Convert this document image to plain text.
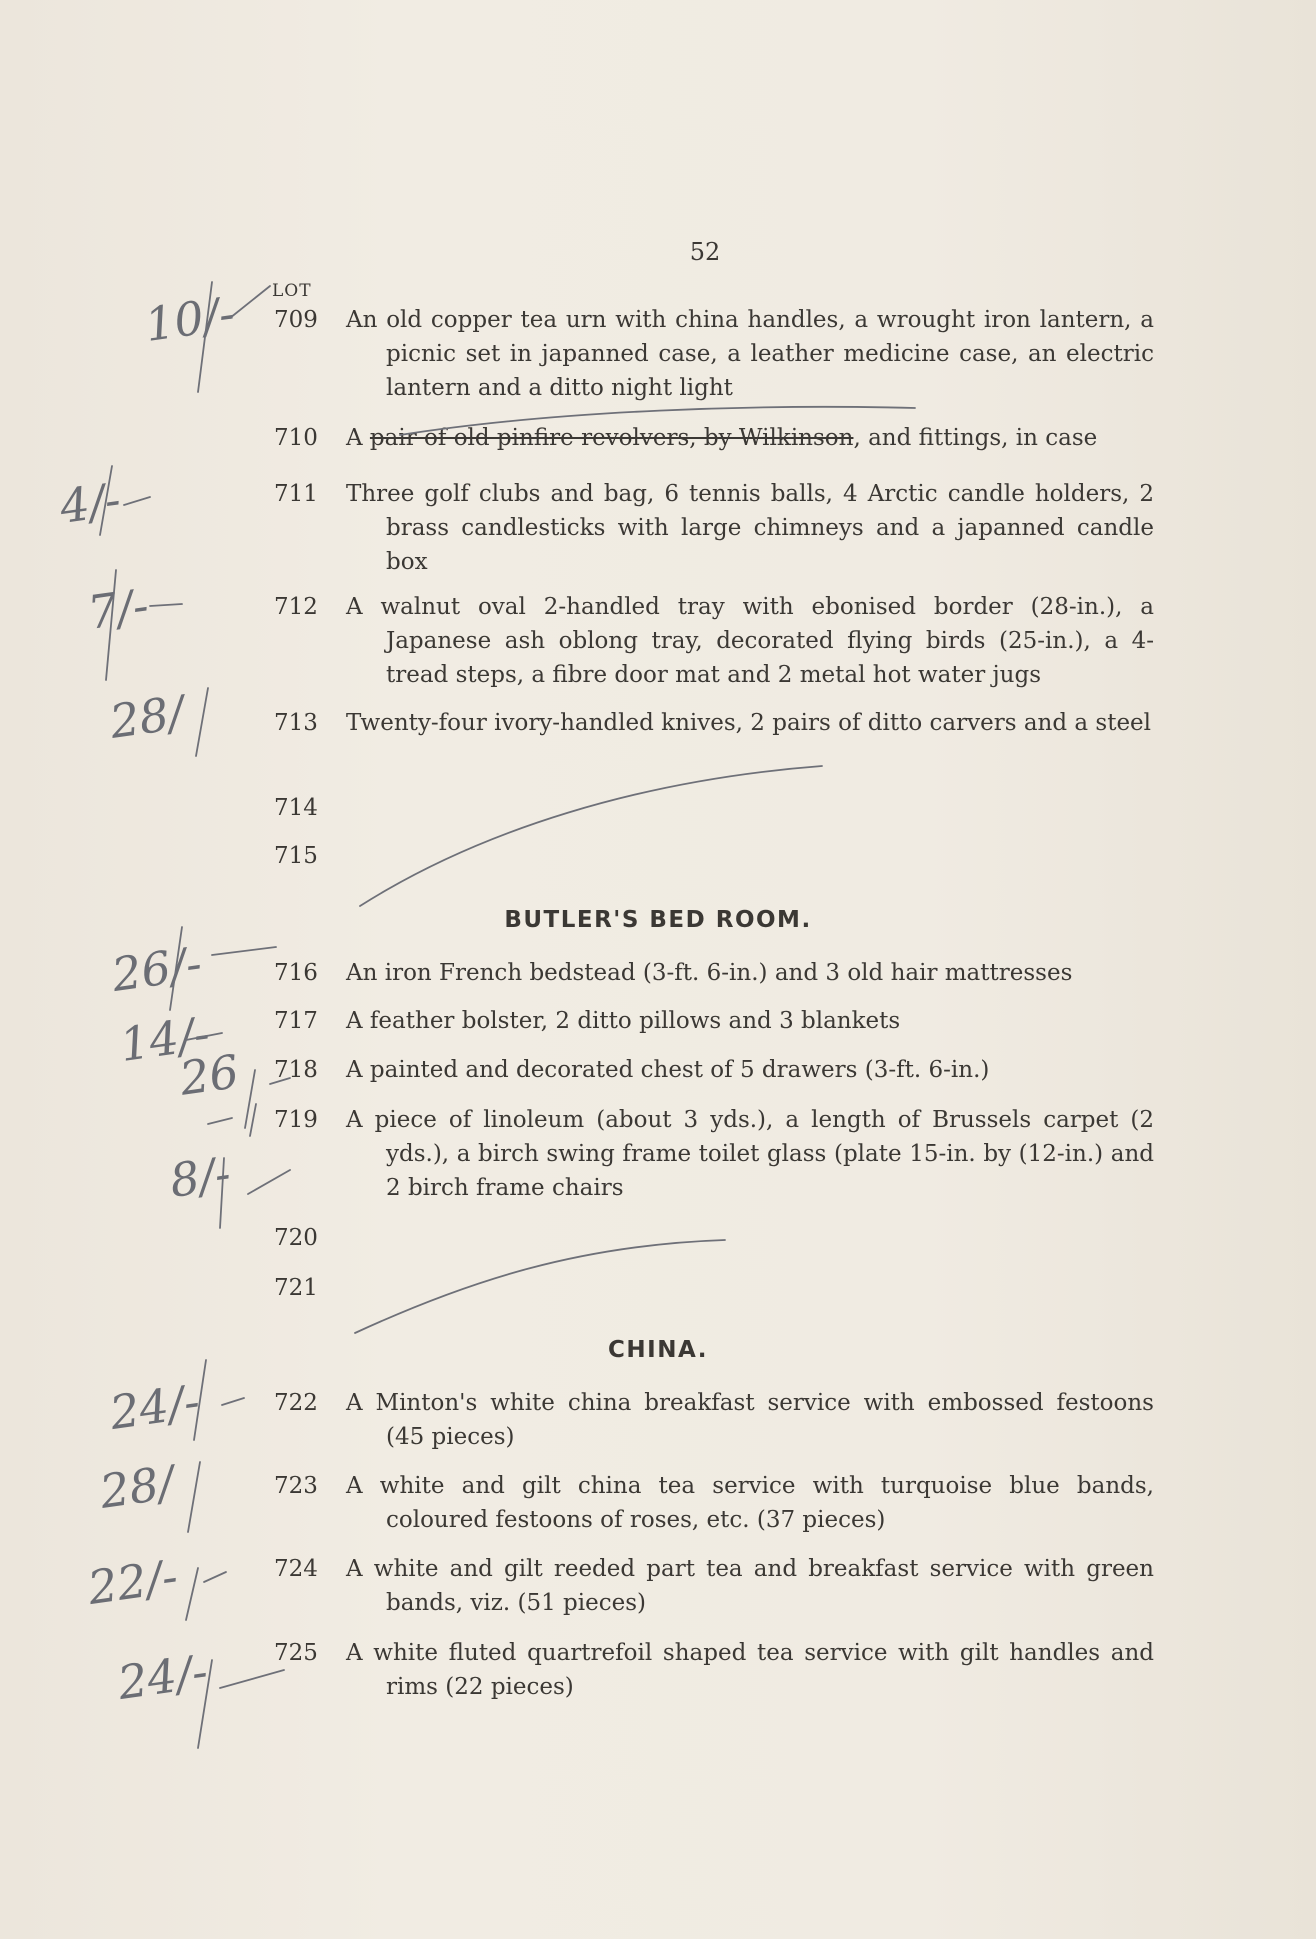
52
LOT
709	An old copper tea urn with china handles, a wrought iron lantern, a picnic set in japanned case, a leather medicine case, an electric lantern and a ditto night light
710	A pair of old pinfire revolvers, by Wilkinson, and fittings, in case
711	Three golf clubs and bag, 6 tennis balls, 4 Arctic candle holders, 2 brass candlesticks with large chimneys and a japanned candle box
712	A walnut oval 2-handled tray with ebonised border (28-in.), a Japanese ash oblong tray, decorated flying birds (25-in.), a 4-tread steps, a fibre door mat and 2 metal hot water jugs
713	Twenty-four ivory-handled knives, 2 pairs of ditto carvers and a steel
714
715
BUTLER'S BED ROOM.
716	An iron French bedstead (3-ft. 6-in.) and 3 old hair mattresses
717	A feather bolster, 2 ditto pillows and 3 blankets
718	A painted and decorated chest of 5 drawers (3-ft. 6-in.)
719	A piece of linoleum (about 3 yds.), a length of Brussels carpet (2 yds.), a birch swing frame toilet glass (plate 15-in. by (12-in.) and 2 birch frame chairs
720
721
CHINA.
722	A Minton's white china breakfast service with embossed festoons (45 pieces)
723	A white and gilt china tea service with turquoise blue bands, coloured festoons of roses, etc. (37 pieces)
724	A white and gilt reeded part tea and breakfast service with green bands, viz. (51 pieces)
725	A white fluted quartrefoil shaped tea service with gilt handles and rims (22 pieces)
10/-
4/-
7/-
28/
26/-
14/-
26
8/-
24/-
28/
22/-
24/-
